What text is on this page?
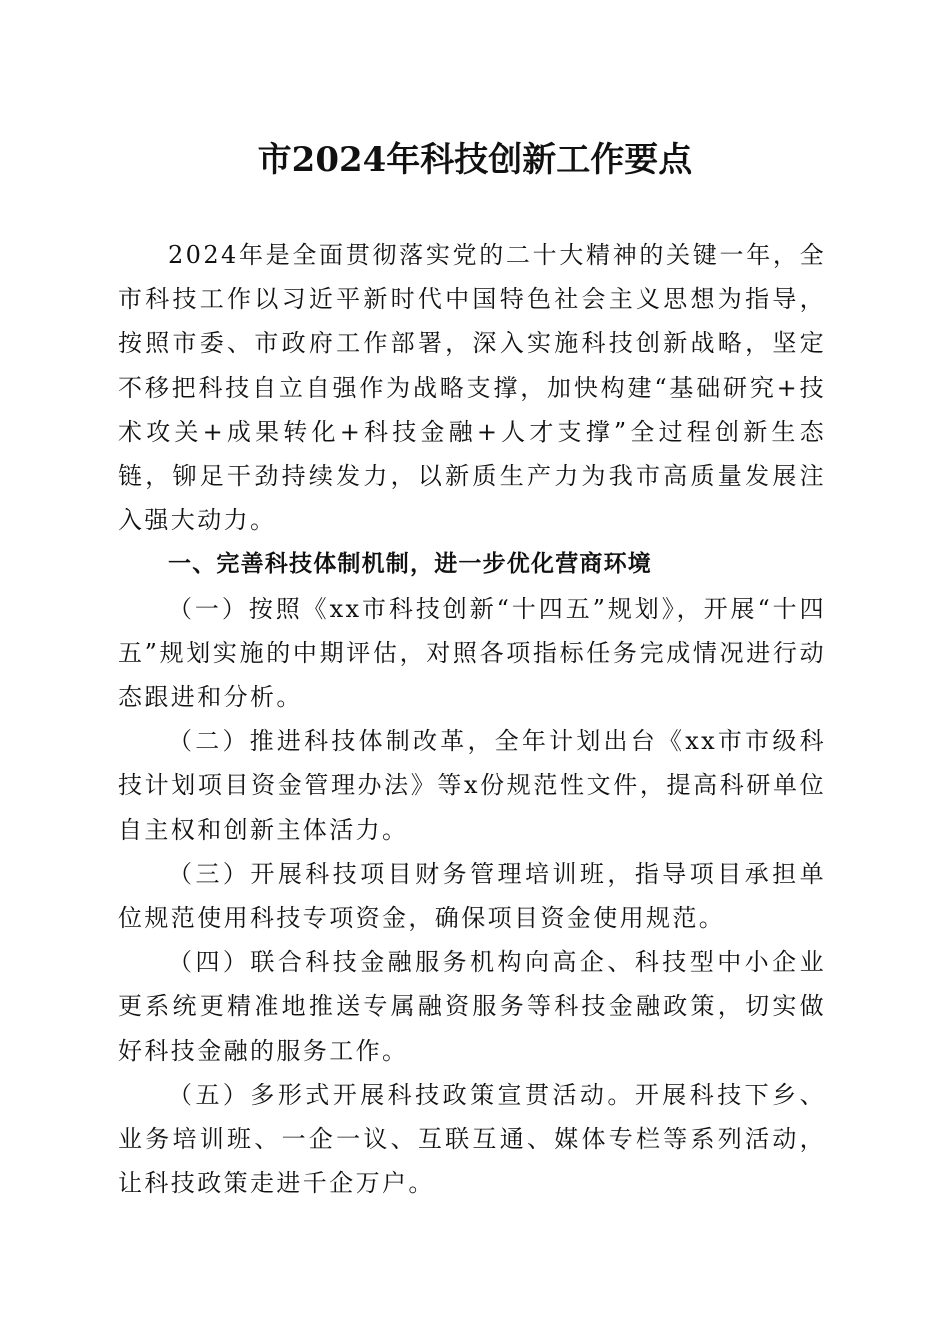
市2024年科技创新工作要点

2024年是全面贯彻落实党的二十大精神的关键一年，全市科技工作以习近平新时代中国特色社会主义思想为指导，按照市委、市政府工作部署，深入实施科技创新战略，坚定不移把科技自立自强作为战略支撑，加快构建“基础研究+技术攻关+成果转化+科技金融+人才支撑”全过程创新生态链，铆足干劲持续发力，以新质生产力为我市高质量发展注入强大动力。

一、完善科技体制机制，进一步优化营商环境

（一）按照《xx市科技创新“十四五”规划》，开展“十四五”规划实施的中期评估，对照各项指标任务完成情况进行动态跟进和分析。

（二）推进科技体制改革，全年计划出台《xx市市级科技计划项目资金管理办法》等x份规范性文件，提高科研单位自主权和创新主体活力。

（三）开展科技项目财务管理培训班，指导项目承担单位规范使用科技专项资金，确保项目资金使用规范。

（四）联合科技金融服务机构向高企、科技型中小企业更系统更精准地推送专属融资服务等科技金融政策，切实做好科技金融的服务工作。

（五）多形式开展科技政策宣贯活动。开展科技下乡、业务培训班、一企一议、互联互通、媒体专栏等系列活动，让科技政策走进千企万户。
